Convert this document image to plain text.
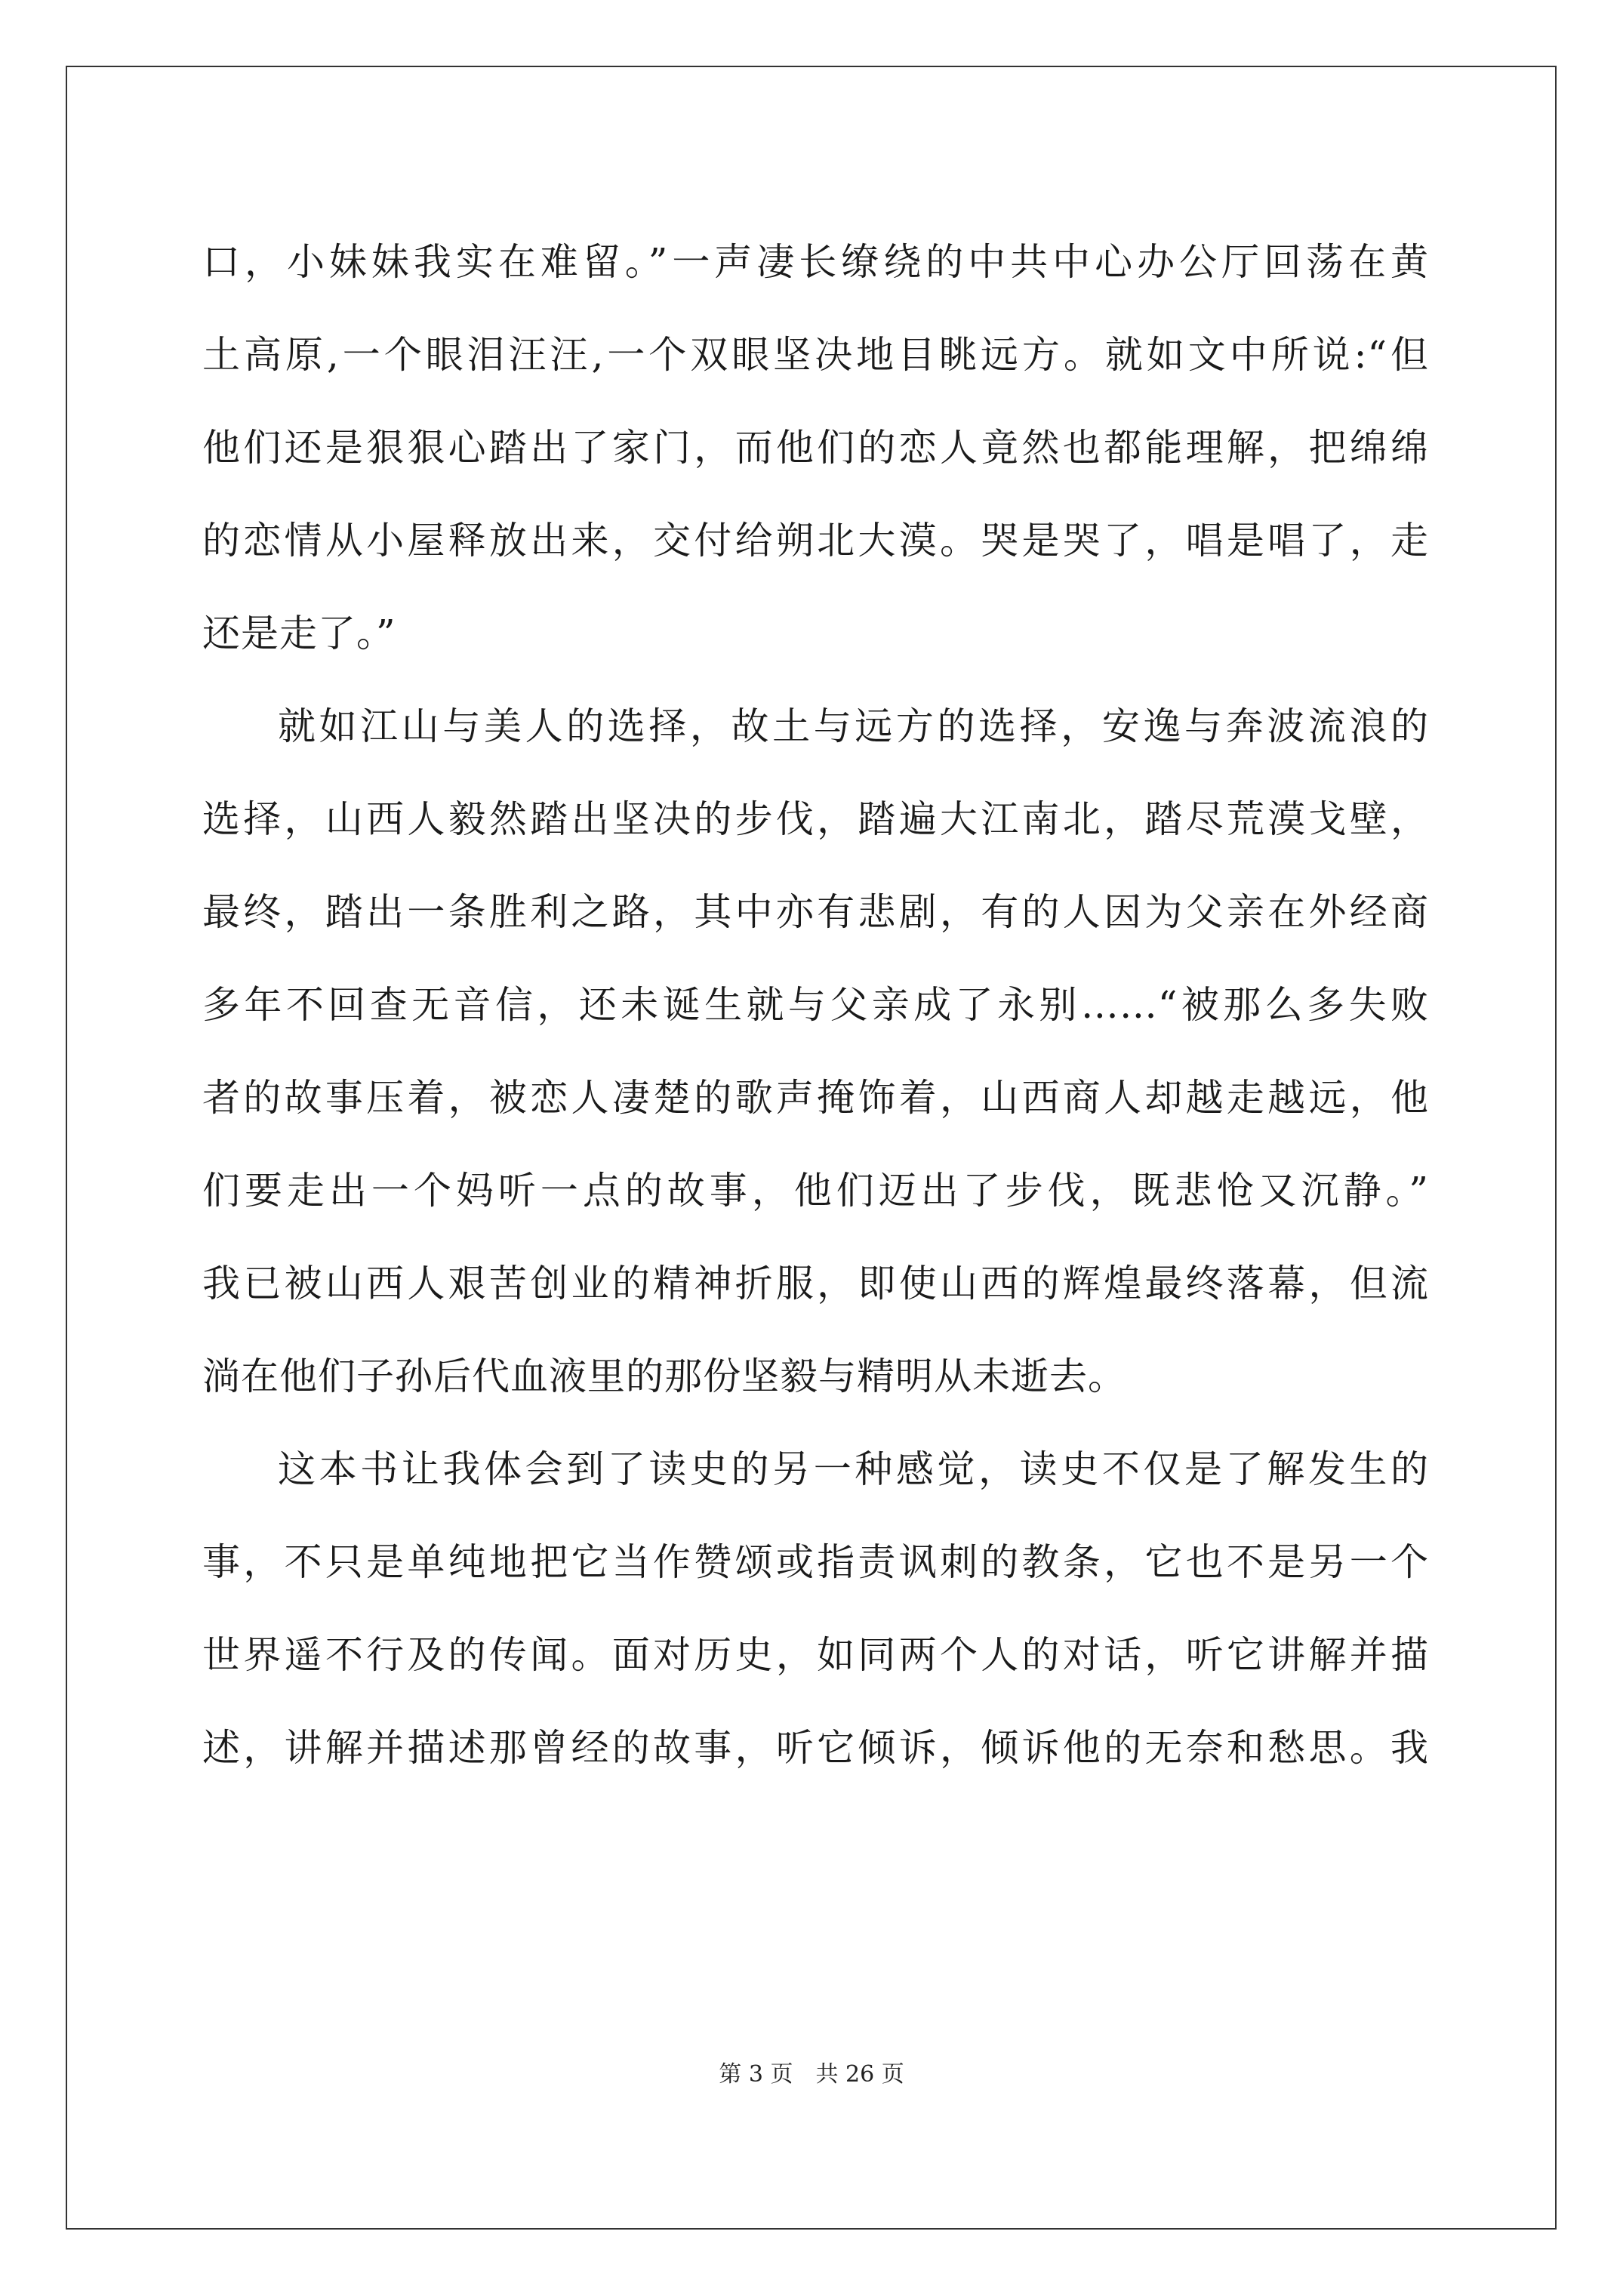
口，小妹妹我实在难留。”一声凄长缭绕的中共中心办公厅回荡在黄
土高原,一个眼泪汪汪,一个双眼坚决地目眺远方。就如文中所说:“但
他们还是狠狠心踏出了家门，而他们的恋人竟然也都能理解，把绵绵
的恋情从小屋释放出来，交付给朔北大漠。哭是哭了，唱是唱了，走
还是走了。”
就如江山与美人的选择，故土与远方的选择，安逸与奔波流浪的
选择，山西人毅然踏出坚决的步伐，踏遍大江南北，踏尽荒漠戈壁，
最终，踏出一条胜利之路，其中亦有悲剧，有的人因为父亲在外经商
多年不回查无音信，还未诞生就与父亲成了永别……“被那么多失败
者的故事压着，被恋人凄楚的歌声掩饰着，山西商人却越走越远，他
们要走出一个妈听一点的故事，他们迈出了步伐，既悲怆又沉静。”
我已被山西人艰苦创业的精神折服，即使山西的辉煌最终落幕，但流
淌在他们子孙后代血液里的那份坚毅与精明从未逝去。
这本书让我体会到了读史的另一种感觉，读史不仅是了解发生的
事，不只是单纯地把它当作赞颂或指责讽刺的教条，它也不是另一个
世界遥不行及的传闻。面对历史，如同两个人的对话，听它讲解并描
述，讲解并描述那曾经的故事，听它倾诉，倾诉他的无奈和愁思。我
第 3 页　共 26 页
